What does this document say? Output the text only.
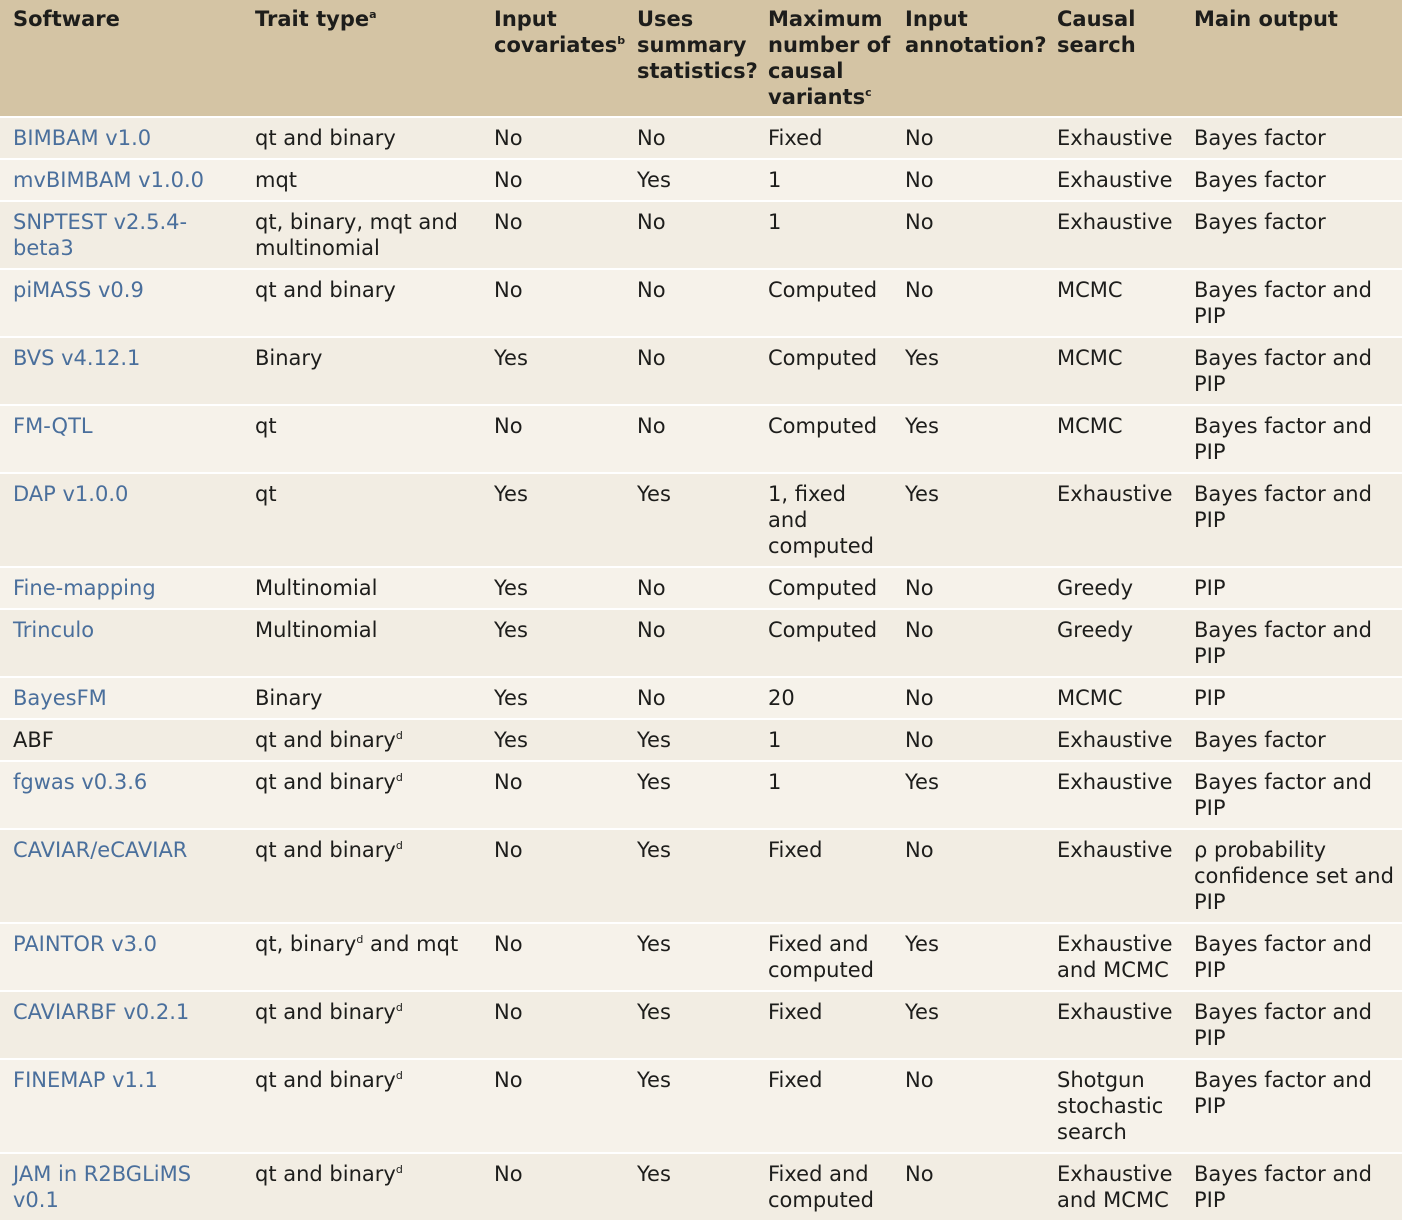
Software	Trait type$^a$	Input covariates$^b$	Uses summary statistics?	Maximum number of causal variants$^c$	Input annotation?	Causal search	Main output
BIMBAM v1.0	qt and binary	No	No	Fixed	No	Exhaustive	Bayes factor
mvBIMBAM v1.0.0	mqt	No	Yes	1	No	Exhaustive	Bayes factor
SNPTEST v2.5.4-beta3	qt, binary, mqt and multinomial	No	No	1	No	Exhaustive	Bayes factor
piMASS v0.9	qt and binary	No	No	Computed	No	MCMC	Bayes factor and PIP
BVS v4.12.1	Binary	Yes	No	Computed	Yes	MCMC	Bayes factor and PIP
FM-QTL	qt	No	No	Computed	Yes	MCMC	Bayes factor and PIP
DAP v1.0.0	qt	Yes	Yes	1, fixed and computed	Yes	Exhaustive	Bayes factor and PIP
Fine-mapping	Multinomial	Yes	No	Computed	No	Greedy	PIP
Trinculo	Multinomial	Yes	No	Computed	No	Greedy	Bayes factor and PIP
BayesFM	Binary	Yes	No	20	No	MCMC	PIP
ABF	qt and binary$^d$	Yes	Yes	1	No	Exhaustive	Bayes factor
fgwas v0.3.6	qt and binary$^d$	No	Yes	1	Yes	Exhaustive	Bayes factor and PIP
CAVIAR/eCAVIAR	qt and binary$^d$	No	Yes	Fixed	No	Exhaustive	ρ probability confidence set and PIP
PAINTOR v3.0	qt, binary$^d$ and mqt	No	Yes	Fixed and computed	Yes	Exhaustive and MCMC	Bayes factor and PIP
CAVIARBF v0.2.1	qt and binary$^d$	No	Yes	Fixed	Yes	Exhaustive	Bayes factor and PIP
FINEMAP v1.1	qt and binary$^d$	No	Yes	Fixed	No	Shotgun stochastic search	Bayes factor and PIP
JAM in R2BGLiMS v0.1	qt and binary$^d$	No	Yes	Fixed and computed	No	Exhaustive and MCMC	Bayes factor and PIP
